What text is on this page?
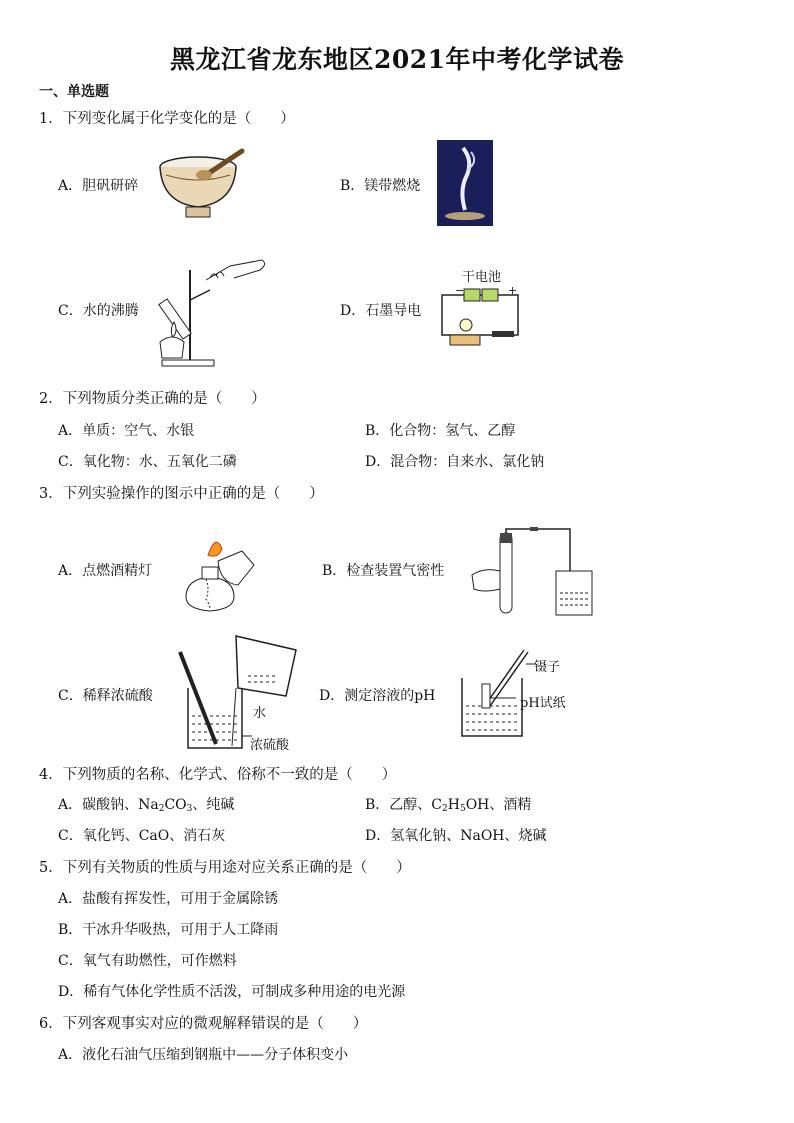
黑龙江省龙东地区2021年中考化学试卷
一、单选题
1．下列变化属于化学变化的是（　　）
A．胆矾研碎	B．镁带燃烧
C．水的沸腾	D．石墨导电
干电池
−	+
2．下列物质分类正确的是（　　）
A．单质：空气、水银	B．化合物：氢气、乙醇
C．氧化物：水、五氧化二磷	D．混合物：自来水、氯化钠
3．下列实验操作的图示中正确的是（　　）
A．点燃酒精灯	B．检查装置气密性
C．稀释浓硫酸
水
浓硫酸
D．测定溶液的pH
镊子
pH试纸
4．下列物质的名称、化学式、俗称不一致的是（　　）
A．碳酸钠、$Na_2CO_3$、纯碱	B．乙醇、$C_2H_5OH$、酒精
C．氧化钙、CaO、消石灰	D．氢氧化钠、NaOH、烧碱
5．下列有关物质的性质与用途对应关系正确的是（　　）
A．盐酸有挥发性，可用于金属除锈
B．干冰升华吸热，可用于人工降雨
C．氧气有助燃性，可作燃料
D．稀有气体化学性质不活泼，可制成多种用途的电光源
6．下列客观事实对应的微观解释错误的是（　　）
A．液化石油气压缩到钢瓶中——分子体积变小
